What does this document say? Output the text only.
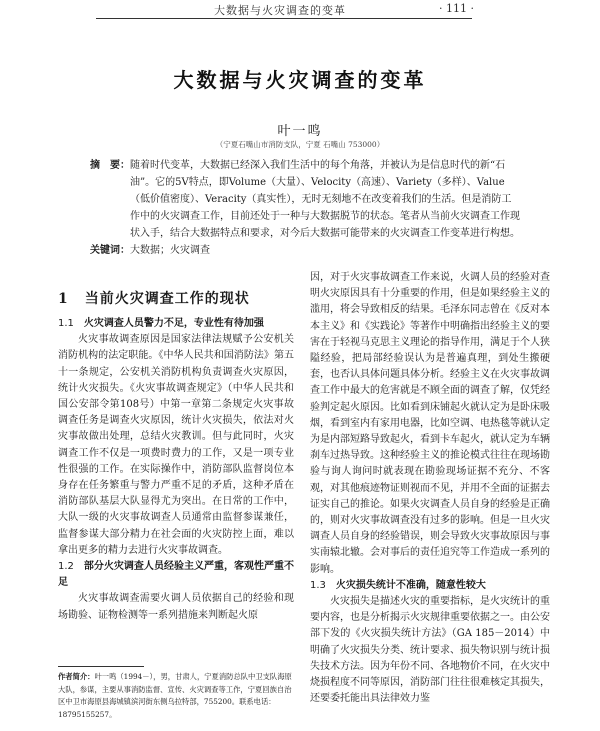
大数据与火灾调查的变革	· 111 ·
大数据与火灾调查的变革
叶一鸣
（宁夏石嘴山市消防支队，宁夏 石嘴山 753000）
摘　要： 随着时代变革，大数据已经深入我们生活中的每个角落，并被认为是信息时代的新“石油”。它的5V特点，即Volume（大量）、Velocity（高速）、Variety（多样）、Value（低价值密度）、Veracity（真实性），无时无刻地不在改变着我们的生活。但是消防工作中的火灾调查工作，目前还处于一种与大数据脱节的状态。笔者从当前火灾调查工作现状入手，结合大数据特点和要求，对今后大数据可能带来的火灾调查工作变革进行构想。
关键词：大数据；火灾调查
1 当前火灾调查工作的现状
1.1 火灾调查人员警力不足，专业性有待加强

火灾事故调查原因是国家法律法规赋予公安机关消防机构的法定职能。《中华人民共和国消防法》第五十一条规定，公安机关消防机构负责调查火灾原因，统计火灾损失。《火灾事故调查规定》（中华人民共和国公安部令第108号）中第一章第二条规定火灾事故调查任务是调查火灾原因，统计火灾损失，依法对火灾事故做出处理，总结火灾教训。但与此同时，火灾调查工作不仅是一项费时费力的工作，又是一项专业性很强的工作。在实际操作中，消防部队监督岗位本身存在任务繁重与警力严重不足的矛盾，这种矛盾在消防部队基层大队显得尤为突出。在日常的工作中，大队一级的火灾事故调查人员通常由监督参谋兼任，监督参谋大部分精力在社会面的火灾防控上面，难以拿出更多的精力去进行火灾事故调查。

1.2 部分火灾调查人员经验主义严重，客观性严重不足

火灾事故调查需要火调人员依据自己的经验和现场勘验、证物检测等一系列措施来判断起火原

因，对于火灾事故调查工作来说，火调人员的经验对查明火灾原因具有十分重要的作用，但是如果经验主义的滥用，将会导致相反的结果。毛泽东同志曾在《反对本本主义》和《实践论》等著作中明确指出经验主义的要害在于轻视马克思主义理论的指导作用，满足于个人狭隘经验，把局部经验误认为是普遍真理，到处生搬硬套，也否认具体问题具体分析。经验主义在火灾事故调查工作中最大的危害就是不顾全面的调查了解，仅凭经验判定起火原因。比如看到床铺起火就认定为是卧床吸烟，看到室内有家用电器，比如空调、电热毯等就认定为是内部短路导致起火，看到卡车起火，就认定为车辆刹车过热导致。这种经验主义的推论模式往往在现场勘验与询人询问时就表现在勘验现场证据不充分、不客观，对其他痕迹物证则视而不见，并用不全面的证据去证实自己的推论。如果火灾调查人员自身的经验是正确的，则对火灾事故调查没有过多的影响。但是一旦火灾调查人员自身的经验错误，则会导致火灾事故原因与事实南辕北辙。会对事后的责任追究等工作造成一系列的影响。

1.3 火灾损失统计不准确，随意性较大

火灾损失是描述火灾的重要指标，是火灾统计的重要内容，也是分析揭示火灾规律重要依据之一。由公安部下发的《火灾损失统计方法》（GA 185－2014）中明确了火灾损失分类、统计要求、损失物识别与统计损失技术方法。因为年份不同、各地物价不同，在火灾中烧损程度不同等原因，消防部门往往很难核定其损失，还要委托能出具法律效力鉴

作者简介：叶一鸣（1994－），男，甘肃人，宁夏消防总队中卫支队海原大队，参谋，主要从事消防监督、宣传、火灾调查等工作，宁夏回族自治区中卫市海原县海城镇滨河街东侧乌拉特部，755200。联系电话：18795155257。
